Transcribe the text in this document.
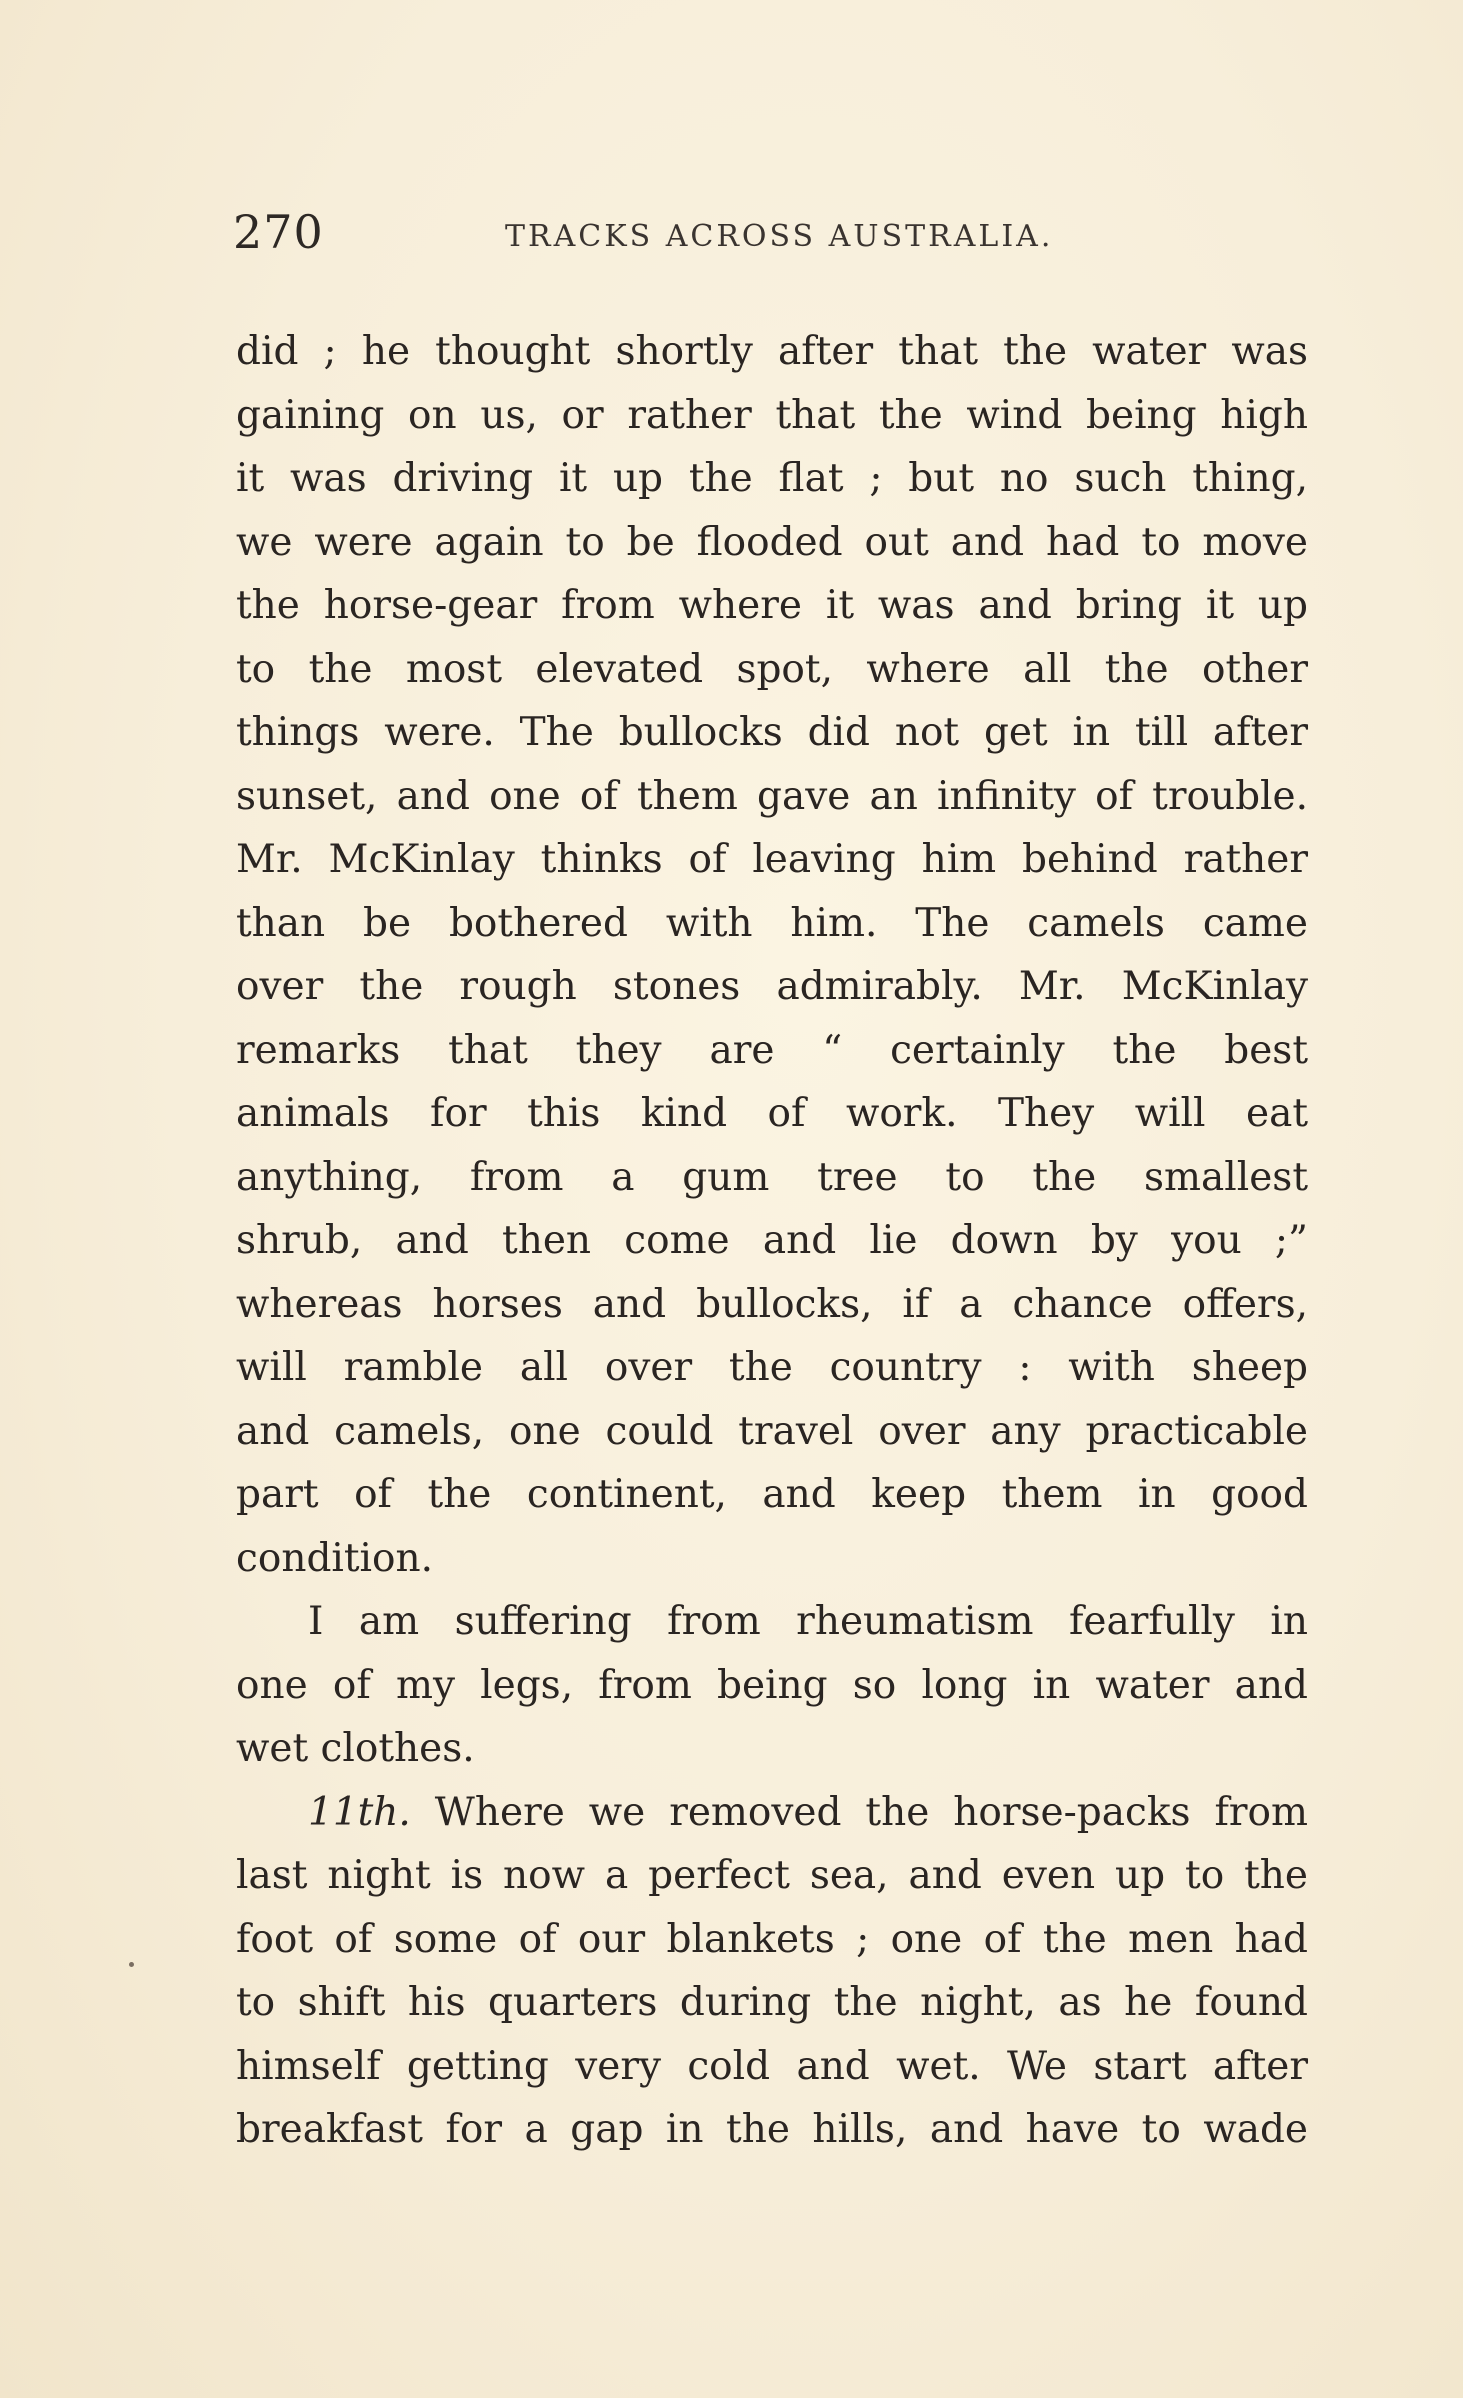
270	TRACKS ACROSS AUSTRALIA.
did ; he thought shortly after that the water was
gaining on us, or rather that the wind being high
it was driving it up the flat ; but no such thing,
we were again to be flooded out and had to move
the horse-gear from where it was and bring it up
to the most elevated spot, where all the other
things were. The bullocks did not get in till after
sunset, and one of them gave an infinity of trouble.
Mr. McKinlay thinks of leaving him behind rather
than be bothered with him. The camels came
over the rough stones admirably. Mr. McKinlay
remarks that they are “ certainly the best
animals for this kind of work. They will eat
anything, from a gum tree to the smallest
shrub, and then come and lie down by you ;”
whereas horses and bullocks, if a chance offers,
will ramble all over the country : with sheep
and camels, one could travel over any practicable
part of the continent, and keep them in good
condition.
I am suffering from rheumatism fearfully in
one of my legs, from being so long in water and
wet clothes.
11th. Where we removed the horse-packs from
last night is now a perfect sea, and even up to the
foot of some of our blankets ; one of the men had
to shift his quarters during the night, as he found
himself getting very cold and wet. We start after
breakfast for a gap in the hills, and have to wade
